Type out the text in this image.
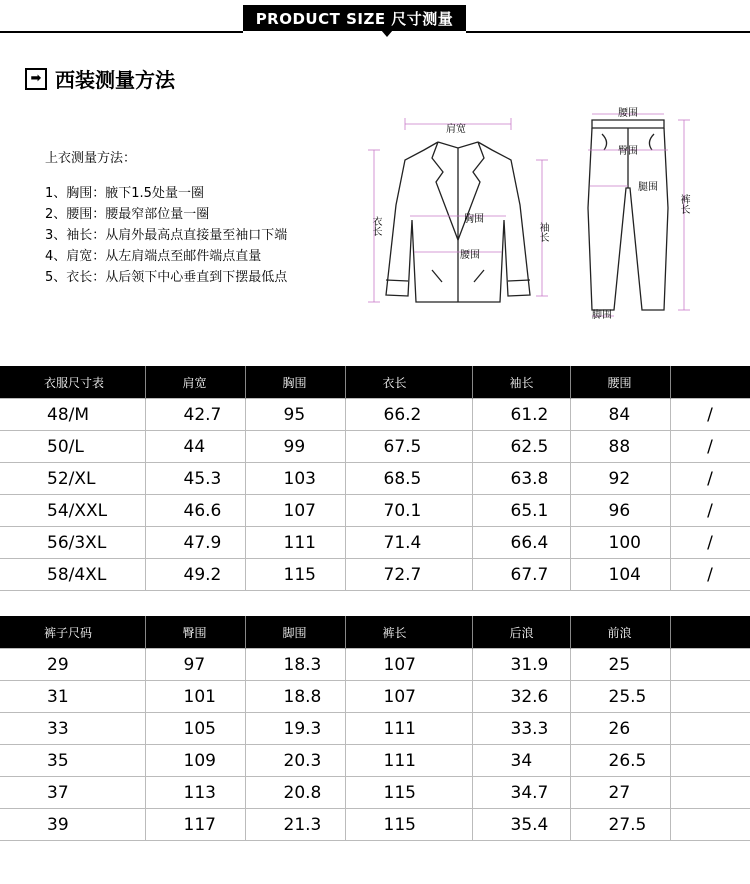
PRODUCT SIZE 尺寸测量
➡ 西装测量方法
上衣测量方法：
1、胸围：腋下1.5处量一圈
2、腰围：腰最窄部位量一圈
3、袖长：从肩外最高点直接量至袖口下端
4、肩宽：从左肩端点至邮件端点直量
5、衣长：从后领下中心垂直到下摆最低点
肩宽
衣长	胸围
腰围
袖长
腰围
臀围
腿围
裤长
脚围
衣服尺寸表	肩宽	胸围	衣长	袖长	腰围	
48/M	42.7	95	66.2	61.2	84	/
50/L	44	99	67.5	62.5	88	/
52/XL	45.3	103	68.5	63.8	92	/
54/XXL	46.6	107	70.1	65.1	96	/
56/3XL	47.9	111	71.4	66.4	100	/
58/4XL	49.2	115	72.7	67.7	104	/
裤子尺码	臀围	脚围	裤长	后浪	前浪	
29	97	18.3	107	31.9	25	
31	101	18.8	107	32.6	25.5	
33	105	19.3	111	33.3	26	
35	109	20.3	111	34	26.5	
37	113	20.8	115	34.7	27	
39	117	21.3	115	35.4	27.5	
